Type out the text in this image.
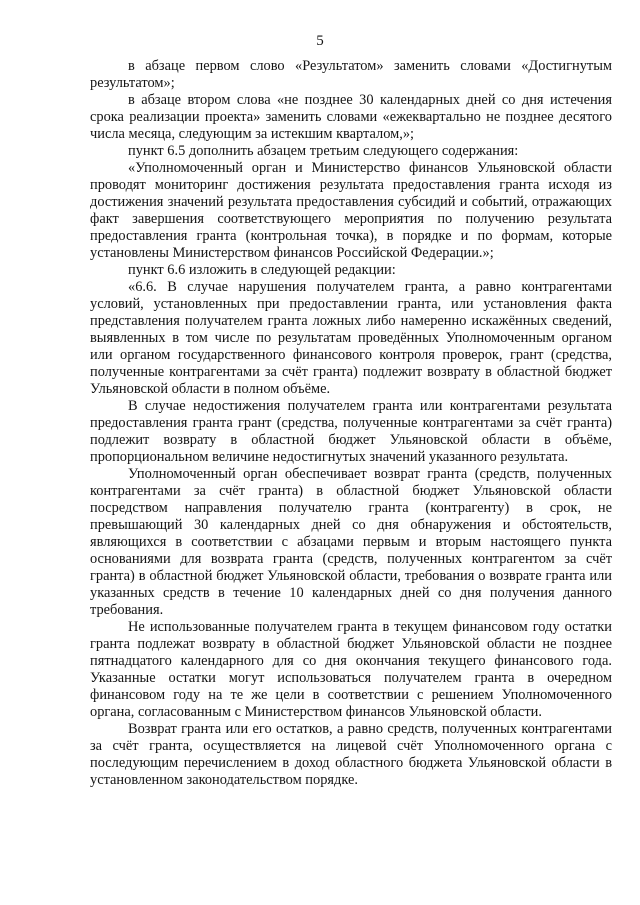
5

в абзаце первом слово «Результатом» заменить словами «Достигнутым результатом»;

в абзаце втором слова «не позднее 30 календарных дней со дня истечения срока реализации проекта» заменить словами «ежеквартально не позднее десятого числа месяца, следующим за истекшим кварталом,»;

пункт 6.5 дополнить абзацем третьим следующего содержания:

«Уполномоченный орган и Министерство финансов Ульяновской области проводят мониторинг достижения результата предоставления гранта исходя из достижения значений результата предоставления субсидий и событий, отражающих факт завершения соответствующего мероприятия по получению результата предоставления гранта (контрольная точка), в порядке и по формам, которые установлены Министерством финансов Российской Федерации.»;

пункт 6.6 изложить в следующей редакции:

«6.6. В случае нарушения получателем гранта, а равно контрагентами условий, установленных при предоставлении гранта, или установления факта представления получателем гранта ложных либо намеренно искажённых сведений, выявленных в том числе по результатам проведённых Уполномоченным органом или органом государственного финансового контроля проверок, грант (средства, полученные контрагентами за счёт гранта) подлежит возврату в областной бюджет Ульяновской области в полном объёме.

В случае недостижения получателем гранта или контрагентами результата предоставления гранта грант (средства, полученные контрагентами за счёт гранта) подлежит возврату в областной бюджет Ульяновской области в объёме, пропорциональном величине недостигнутых значений указанного результата.

Уполномоченный орган обеспечивает возврат гранта (средств, полученных контрагентами за счёт гранта) в областной бюджет Ульяновской области посредством направления получателю гранта (контрагенту) в срок, не превышающий 30 календарных дней со дня обнаружения и обстоятельств, являющихся в соответствии с абзацами первым и вторым настоящего пункта основаниями для возврата гранта (средств, полученных контрагентом за счёт гранта) в областной бюджет Ульяновской области, требования о возврате гранта или указанных средств в течение 10 календарных дней со дня получения данного требования.

Не использованные получателем гранта в текущем финансовом году остатки гранта подлежат возврату в областной бюджет Ульяновской области не позднее пятнадцатого календарного для со дня окончания текущего финансового года. Указанные остатки могут использоваться получателем гранта в очередном финансовом году на те же цели в соответствии с решением Уполномоченного органа, согласованным с Министерством финансов Ульяновской области.

Возврат гранта или его остатков, а равно средств, полученных контрагентами за счёт гранта, осуществляется на лицевой счёт Уполномоченного органа с последующим перечислением в доход областного бюджета Ульяновской области в установленном законодательством порядке.
